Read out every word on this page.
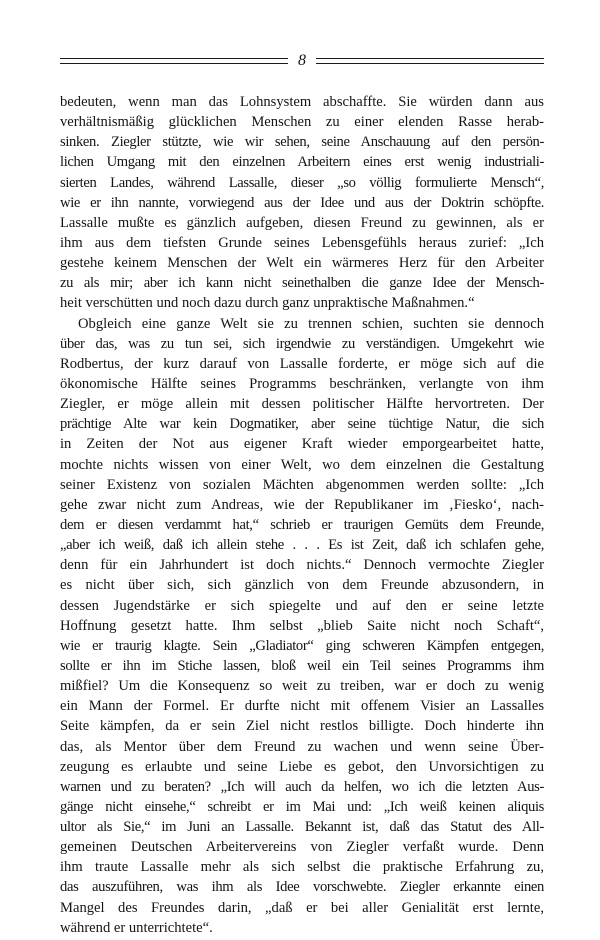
8
bedeuten, wenn man das Lohnsystem abschaffte. Sie würden dann aus
verhältnismäßig glücklichen Menschen zu einer elenden Rasse herab-
sinken. Ziegler stützte, wie wir sehen, seine Anschauung auf den persön-
lichen Umgang mit den einzelnen Arbeitern eines erst wenig industriali-
sierten Landes, während Lassalle, dieser „so völlig formulierte Mensch“,
wie er ihn nannte, vorwiegend aus der Idee und aus der Doktrin schöpfte.
Lassalle mußte es gänzlich aufgeben, diesen Freund zu gewinnen, als er
ihm aus dem tiefsten Grunde seines Lebensgefühls heraus zurief: „Ich
gestehe keinem Menschen der Welt ein wärmeres Herz für den Arbeiter
zu als mir; aber ich kann nicht seinethalben die ganze Idee der Mensch-
heit verschütten und noch dazu durch ganz unpraktische Maßnahmen.“
Obgleich eine ganze Welt sie zu trennen schien, suchten sie dennoch
über das, was zu tun sei, sich irgendwie zu verständigen. Umgekehrt wie
Rodbertus, der kurz darauf von Lassalle forderte, er möge sich auf die
ökonomische Hälfte seines Programms beschränken, verlangte von ihm
Ziegler, er möge allein mit dessen politischer Hälfte hervortreten. Der
prächtige Alte war kein Dogmatiker, aber seine tüchtige Natur, die sich
in Zeiten der Not aus eigener Kraft wieder emporgearbeitet hatte,
mochte nichts wissen von einer Welt, wo dem einzelnen die Gestaltung
seiner Existenz von sozialen Mächten abgenommen werden sollte: „Ich
gehe zwar nicht zum Andreas, wie der Republikaner im ‚Fiesko‘, nach-
dem er diesen verdammt hat,“ schrieb er traurigen Gemüts dem Freunde,
„aber ich weiß, daß ich allein stehe . . . Es ist Zeit, daß ich schlafen gehe,
denn für ein Jahrhundert ist doch nichts.“ Dennoch vermochte Ziegler
es nicht über sich, sich gänzlich von dem Freunde abzusondern, in
dessen Jugendstärke er sich spiegelte und auf den er seine letzte
Hoffnung gesetzt hatte. Ihm selbst „blieb Saite nicht noch Schaft“,
wie er traurig klagte. Sein „Gladiator“ ging schweren Kämpfen entgegen,
sollte er ihn im Stiche lassen, bloß weil ein Teil seines Programms ihm
mißfiel? Um die Konsequenz so weit zu treiben, war er doch zu wenig
ein Mann der Formel. Er durfte nicht mit offenem Visier an Lassalles
Seite kämpfen, da er sein Ziel nicht restlos billigte. Doch hinderte ihn
das, als Mentor über dem Freund zu wachen und wenn seine Über-
zeugung es erlaubte und seine Liebe es gebot, den Unvorsichtigen zu
warnen und zu beraten? „Ich will auch da helfen, wo ich die letzten Aus-
gänge nicht einsehe,“ schreibt er im Mai und: „Ich weiß keinen aliquis
ultor als Sie,“ im Juni an Lassalle. Bekannt ist, daß das Statut des All-
gemeinen Deutschen Arbeitervereins von Ziegler verfaßt wurde. Denn
ihm traute Lassalle mehr als sich selbst die praktische Erfahrung zu,
das auszuführen, was ihm als Idee vorschwebte. Ziegler erkannte einen
Mangel des Freundes darin, „daß er bei aller Genialität erst lernte,
während er unterrichtete“.
